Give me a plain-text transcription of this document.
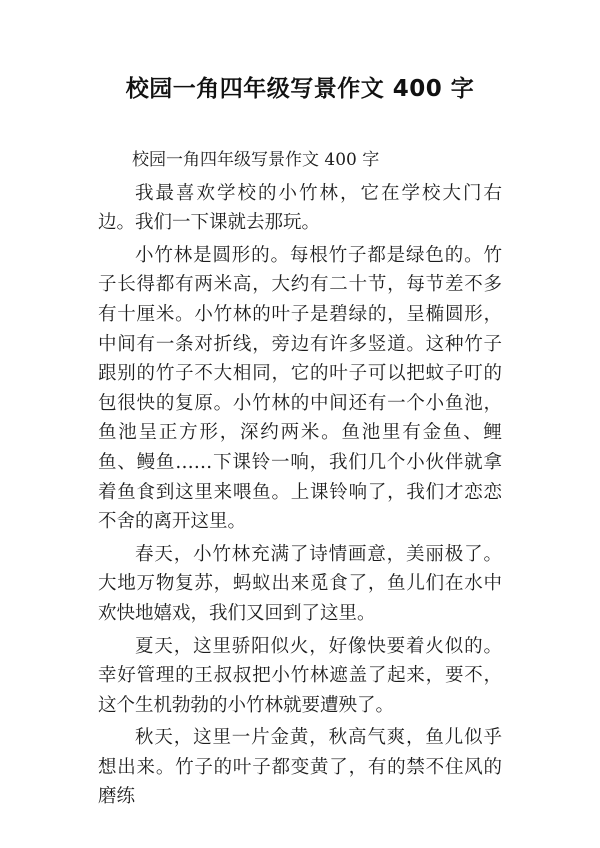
校园一角四年级写景作文 400 字

校园一角四年级写景作文 400 字

我最喜欢学校的小竹林，它在学校大门右边。我们一下课就去那玩。

小竹林是圆形的。每根竹子都是绿色的。竹子长得都有两米高，大约有二十节，每节差不多有十厘米。小竹林的叶子是碧绿的，呈椭圆形，中间有一条对折线，旁边有许多竖道。这种竹子跟别的竹子不大相同，它的叶子可以把蚊子叮的包很快的复原。小竹林的中间还有一个小鱼池，鱼池呈正方形，深约两米。鱼池里有金鱼、鲤鱼、鳗鱼……下课铃一响，我们几个小伙伴就拿着鱼食到这里来喂鱼。上课铃响了，我们才恋恋不舍的离开这里。

春天，小竹林充满了诗情画意，美丽极了。大地万物复苏，蚂蚁出来觅食了，鱼儿们在水中欢快地嬉戏，我们又回到了这里。

夏天，这里骄阳似火，好像快要着火似的。幸好管理的王叔叔把小竹林遮盖了起来，要不，这个生机勃勃的小竹林就要遭殃了。

秋天，这里一片金黄，秋高气爽，鱼儿似乎想出来。竹子的叶子都变黄了，有的禁不住风的磨练
